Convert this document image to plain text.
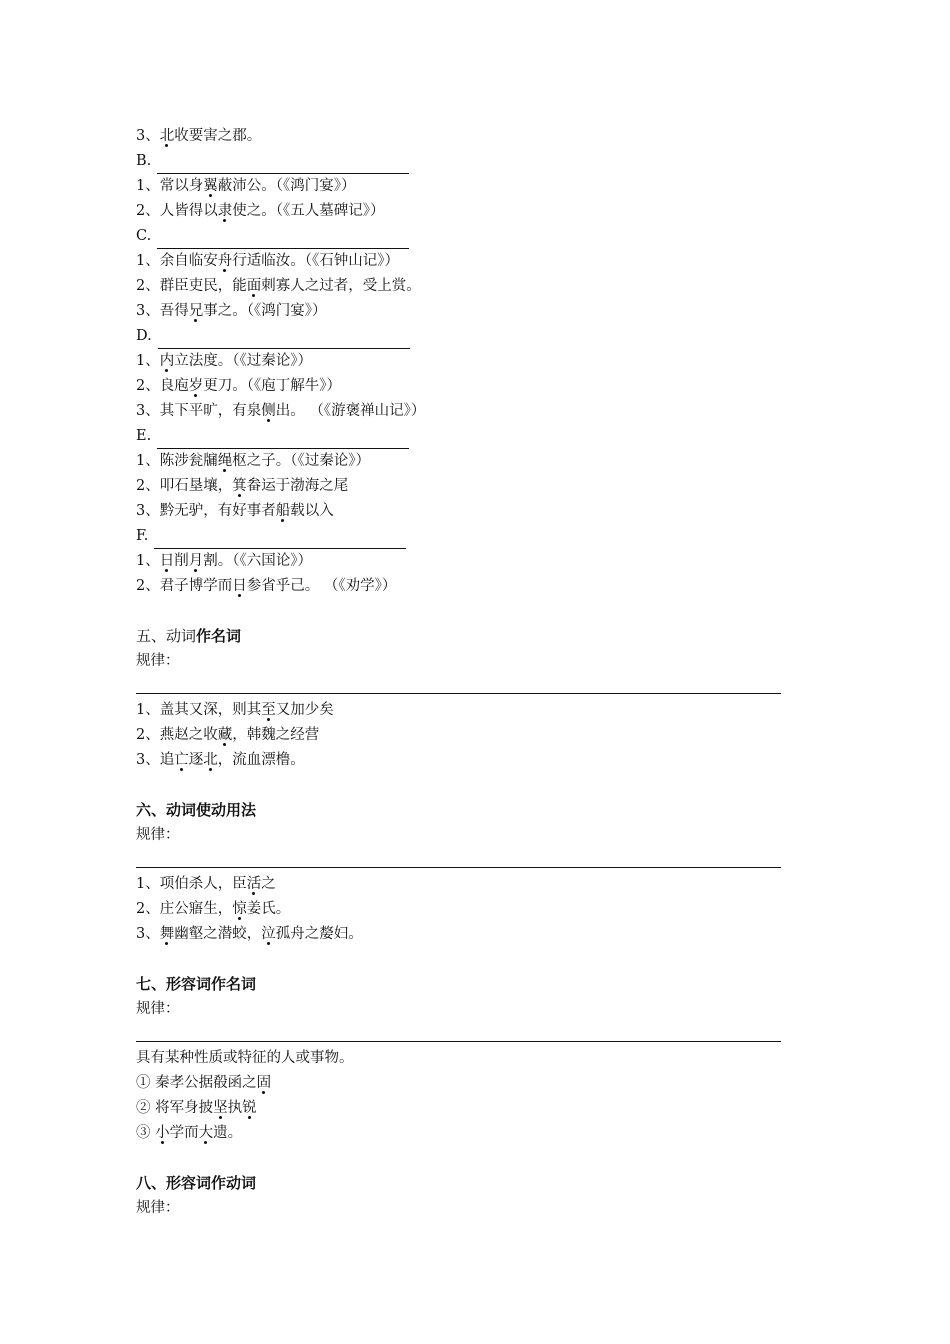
3、北收要害之郡。
B.
1、常以身翼蔽沛公。（《鸿门宴》）
2、人皆得以隶使之。（《五人墓碑记》）
C.
1、余自临安舟行适临汝。（《石钟山记》）
2、群臣吏民，能面刺寡人之过者，受上赏。
3、吾得兄事之。（《鸿门宴》）
D.
1、内立法度。（《过秦论》）
2、良庖岁更刀。（《庖丁解牛》）
3、其下平旷，有泉侧出。 （《游褒禅山记》）
E.
1、陈涉瓮牖绳枢之子。（《过秦论》）
2、叩石垦壤，箕畚运于渤海之尾
3、黔无驴，有好事者船载以入
F.
1、日削月割。（《六国论》）
2、君子博学而日参省乎己。 （《劝学》）
五、动词作名词
规律：
1、盖其又深，则其至又加少矣
2、燕赵之收藏，韩魏之经营
3、追亡逐北，流血漂橹。
六、动词使动用法
规律：
1、项伯杀人，臣活之
2、庄公寤生，惊姜氏。
3、舞幽壑之潜蛟，泣孤舟之嫠妇。
七、形容词作名词
规律：
具有某种性质或特征的人或事物。
① 秦孝公据殽函之固
② 将军身披坚执锐
③ 小学而大遗。
八、形容词作动词
规律：
